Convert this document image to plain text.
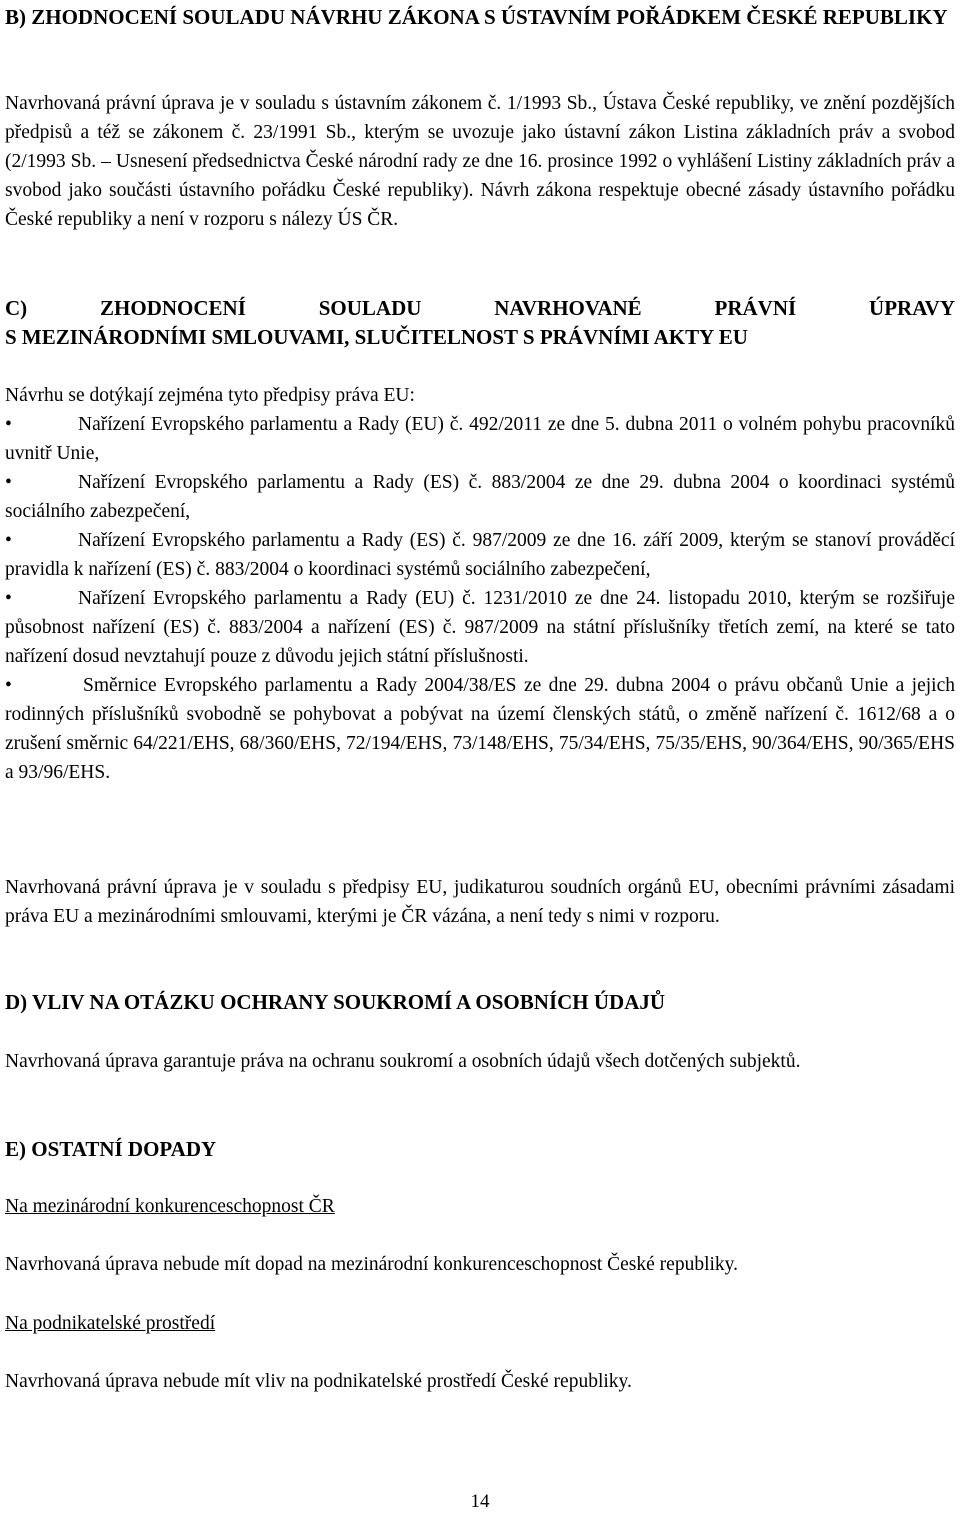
B) ZHODNOCENÍ SOULADU NÁVRHU ZÁKONA S ÚSTAVNÍM POŘÁDKEM ČESKÉ REPUBLIKY

Navrhovaná právní úprava je v souladu s ústavním zákonem č. 1/1993 Sb., Ústava České republiky, ve znění pozdějších předpisů a též se zákonem č. 23/1991 Sb., kterým se uvozuje jako ústavní zákon Listina základních práv a svobod (2/1993 Sb. – Usnesení předsednictva České národní rady ze dne 16. prosince 1992 o vyhlášení Listiny základních práv a svobod jako součásti ústavního pořádku České republiky). Návrh zákona respektuje obecné zásady ústavního pořádku České republiky a není v rozporu s nálezy ÚS ČR.

C) ZHODNOCENÍ SOULADU NAVRHOVANÉ PRÁVNÍ ÚPRAVY
S MEZINÁRODNÍMI SMLOUVAMI, SLUČITELNOST S PRÁVNÍMI AKTY EU

Návrhu se dotýkají zejména tyto předpisy práva EU:

•	Nařízení Evropského parlamentu a Rady (EU) č. 492/2011 ze dne 5. dubna 2011 o volném pohybu pracovníků uvnitř Unie,
•	Nařízení Evropského parlamentu a Rady (ES) č. 883/2004 ze dne 29. dubna 2004 o koordinaci systémů sociálního zabezpečení,
•	Nařízení Evropského parlamentu a Rady (ES) č. 987/2009 ze dne 16. září 2009, kterým se stanoví prováděcí pravidla k nařízení (ES) č. 883/2004 o koordinaci systémů sociálního zabezpečení,
•	Nařízení Evropského parlamentu a Rady (EU) č. 1231/2010 ze dne 24. listopadu 2010, kterým se rozšiřuje působnost nařízení (ES) č. 883/2004 a nařízení (ES) č. 987/2009 na státní příslušníky třetích zemí, na které se tato nařízení dosud nevztahují pouze z důvodu jejich státní příslušnosti.
•	Směrnice Evropského parlamentu a Rady 2004/38/ES ze dne 29. dubna 2004 o právu občanů Unie a jejich rodinných příslušníků svobodně se pohybovat a pobývat na území členských států, o změně nařízení č. 1612/68 a o zrušení směrnic 64/221/EHS, 68/360/EHS, 72/194/EHS, 73/148/EHS, 75/34/EHS, 75/35/EHS, 90/364/EHS, 90/365/EHS a 93/96/EHS.

Navrhovaná právní úprava je v souladu s předpisy EU, judikaturou soudních orgánů EU, obecními právními zásadami práva EU a mezinárodními smlouvami, kterými je ČR vázána, a není tedy s nimi v rozporu.

D) VLIV NA OTÁZKU OCHRANY SOUKROMÍ A OSOBNÍCH ÚDAJŮ

Navrhovaná úprava garantuje práva na ochranu soukromí a osobních údajů všech dotčených subjektů.

E) OSTATNÍ DOPADY

Na mezinárodní konkurenceschopnost ČR

Navrhovaná úprava nebude mít dopad na mezinárodní konkurenceschopnost České republiky.

Na podnikatelské prostředí

Navrhovaná úprava nebude mít vliv na podnikatelské prostředí České republiky.

14
